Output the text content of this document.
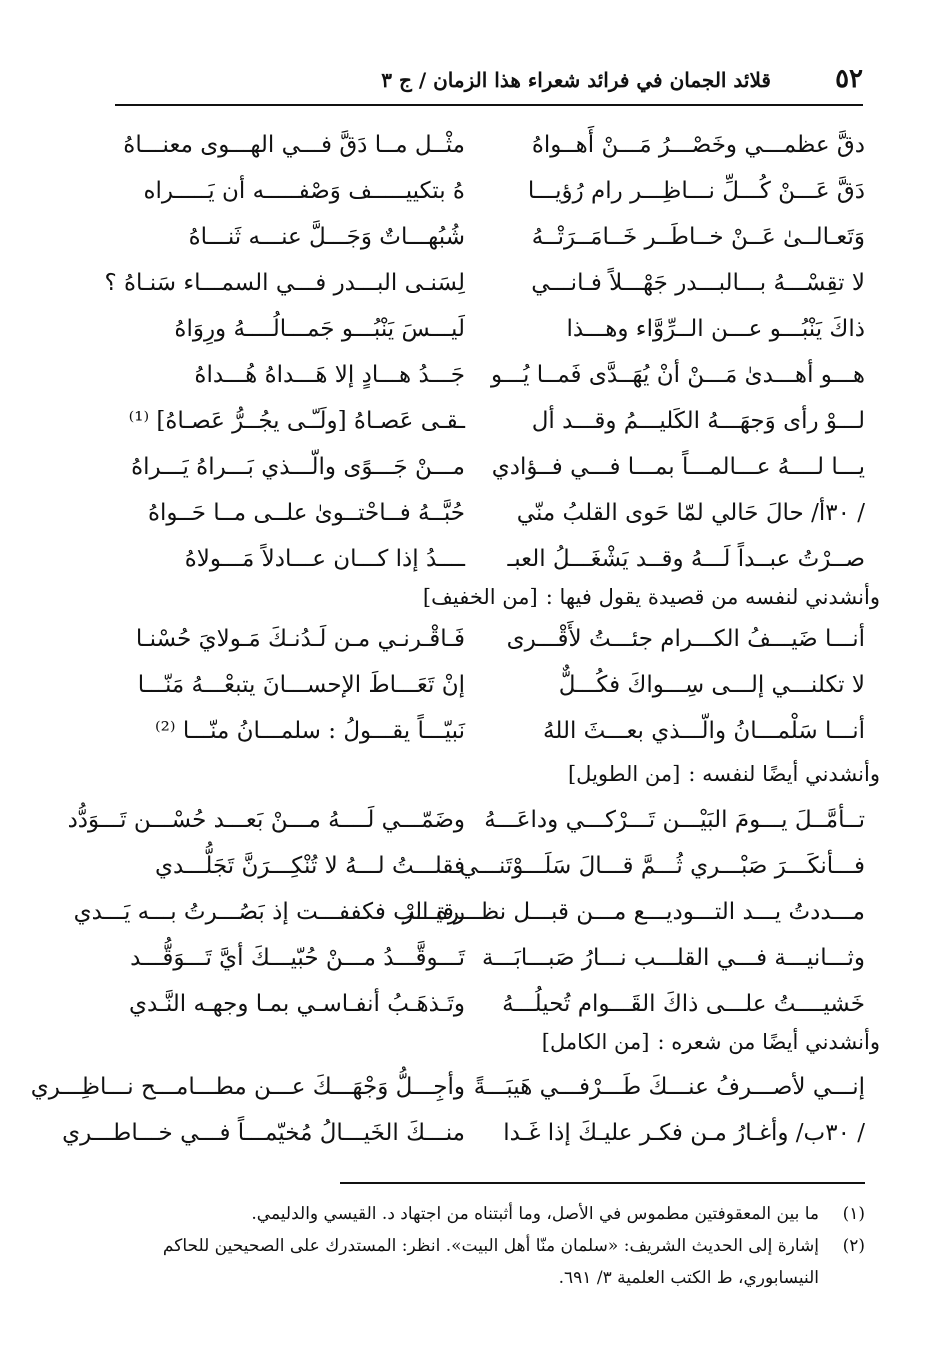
٥٢
قلائد الجمان في فرائد شعراء هذا الزمان / ج ٣
دقَّ عظمـــي وخَصْـــرُ مَـــنْ أَهــواهُ
مثْــل مــا دَقَّ فـــي الهـــوى معنـــاهُ
دَقَّ عَـــنْ كُـــلِّ نـــاظِـــر رام رُؤيـــا
هُ بتكييـــــف وَصْفـــــه أن يَـــــراه
وَتَعـالــىٰ عَــنْ خــاطَــر خَــامَــرَتْــهُ
شُبُهـــاتٌ وَجَـــلَّ عنـــه ثَنـــاهُ
لا تقِسْـــهُ بـــالبـــدر جَهْـــلاً فـانـــي
لِسَنـى البـــدر فـــي السمـــاء سَنـاهُ ؟
ذاكَ يَنْبُـــو عـــن الــرِّوَّاء وهـــذا
لَيـــسَ يَنْبُـــو جَمـــالُــــهُ ورِوَاهُ
هـــو أهـــدىٰ مَـــنْ أنْ يُهَــدَّى فَمــا يُـــو
جَـــدُ هـــادٍ إلا هَـــداهُ هُـــداهُ
لـــوْ رأى وَجهَـــهُ الكَليـــمُ وقـــد أل
ـقـى عَصـاهُ [ولَـّـى يجُــرُّ عَصـاهُ] ⁽¹⁾
يـــا لــــهُ عـــالمـــاً بمـــا فـــي فــؤادي
مـــنْ جَـــوًى والّـــذي بَـــراهُ يَـــراهُ
/ ٣٠أ/ حالَ حَالي لمّا حَوى القلبُ منّي
حُبَّــهُ فــاحْتــوىٰ علــى مــا حَــواهُ
صــرْتُ عبــداً لَـــهُ وقــد يَشْغَـــلُ العبـ
ــــدُ إذا كـــان عـــادلاً مَـــولاهُ
وأنشدني لنفسه من قصيدة يقول فيها :[من الخفيف]
أنـــا ضَيـــفُ الكـــرام جئـــتُ لأَقْـــرى
فَـاقْـرنـي مـن لَـدُنـكَ مَـولايَ حُسْنـا
لا تكلنـــي إلـــى سِـــواكَ فكُـــلٌّ
إنْ تَعَـــاطَ الإحســـانَ يتبعْـــهُ مَنّـــا
أنـــا سَلْمـــانُ والّـــذي بعـــثَ اللهُ
نَبيّـــاً يقـــولُ : سلمـــانُ منّـــا ⁽²⁾
وأنشدني أيضًا لنفسه :[من الطويل]
تــأمَّــلَ يـــومَ البَيْـــن تَـــرْكـــي وداعَـــهُ
وضَمّـــي لَــــهُ مـــنْ بَعـــد حُسْـــن تَـــوَدُّد
فـــأنكَـــرَ صَبْـــري ثُـــمَّ قـــالَ سَلَـــوْتَنـــي
فقلـــتُ لـــهُ لا تُنْكِـــرَنَّ تَجَلُّـــدي
مـــددتُ يـــد التـــوديـــع مـــن قبـــل نظـــرة الرْ
رقيـــب فكففـــت إذ بَصُـــرتُ بـــه يَـــدي
وثـــانيـــة فـــي القلـــب نـــارُ صَبـــابَـــة
تَـــوقَّـــدُ مـــنْ حُبّيـــكَ أيَّ تَـــوَقُّـــد
خَشيــــتُ علـــى ذاكَ القَـــوام تُحيلُـــهُ
وتَـذهَـبُ أنفـاسـي بمـا وجهـه النَّـدي
وأنشدني أيضًا من شعره :[من الكامل]
إنـــي لأصـــرفُ عنـــكَ طَـــرْفـــي هَيبَـــةً
وأجِـــلُّ وَجْهَـــكَ عـــن مطـــامـــح نـــاظِـــري
/ ٣٠ب/ وأغـارُ مـن فكـر عليـكَ إذا غَـدا
منـــكَ الخَيـــالُ مُخيّمـــاً فـــي خـــاطـــري
(١)
ما بين المعقوفتين مطموس في الأصل، وما أثبتناه من اجتهاد د. القيسي والدليمي.
(٢)
إشارة إلى الحديث الشريف: «سلمان منّا أهل البيت». انظر: المستدرك على الصحيحين للحاكم النيسابوري، ط الكتب العلمية ٣/ ٦٩١.
